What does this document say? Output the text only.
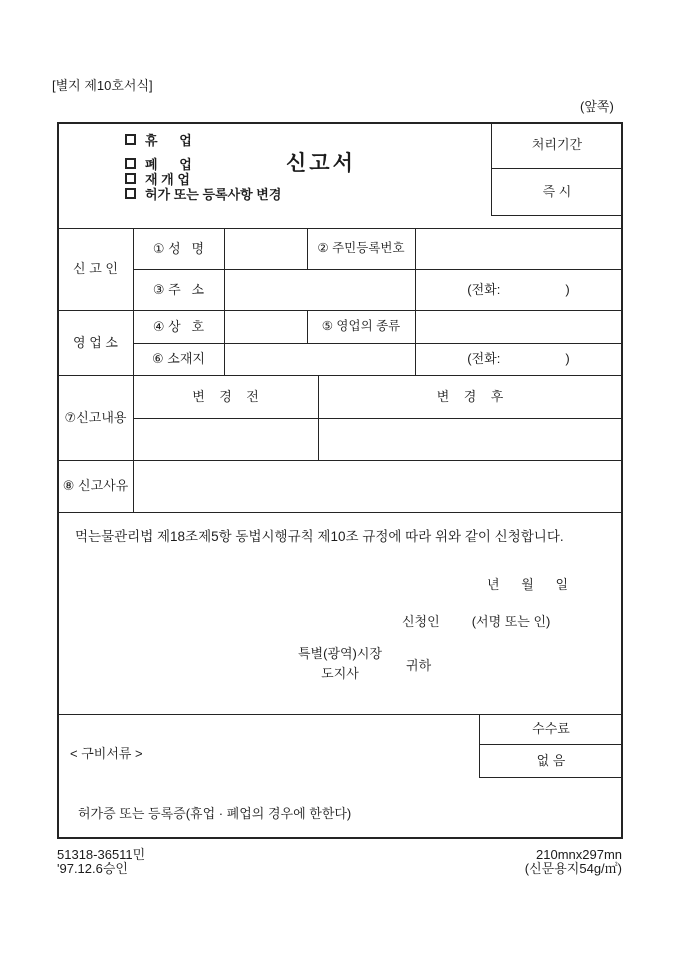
[별지 제10호서식]
(앞쪽)
휴      업
폐      업
재 개 업
허가 또는 등록사항 변경
신고서
처리기간
즉 시
신 고 인
① 성   명	② 주민등록번호
③ 주   소	(전화:                  )
영 업 소
④ 상   호	⑤ 영업의 종류
⑥ 소재지	(전화:                  )
⑦신고내용
변    경    전	변    경    후
⑧ 신고사유
먹는물관리법 제18조제5항 동법시행규칙 제10조 규정에 따라 위와 같이 신청합니다.
년      월      일
신청인 (서명 또는 인)
특별(광역)시장
도지사
귀하
수수료
없 음
< 구비서류 >
허가증 또는 등록증(휴업 · 폐업의 경우에 한한다)
51318-36511민
'97.12.6승인
210mnx297mn
(신문용지54g/㎡)
